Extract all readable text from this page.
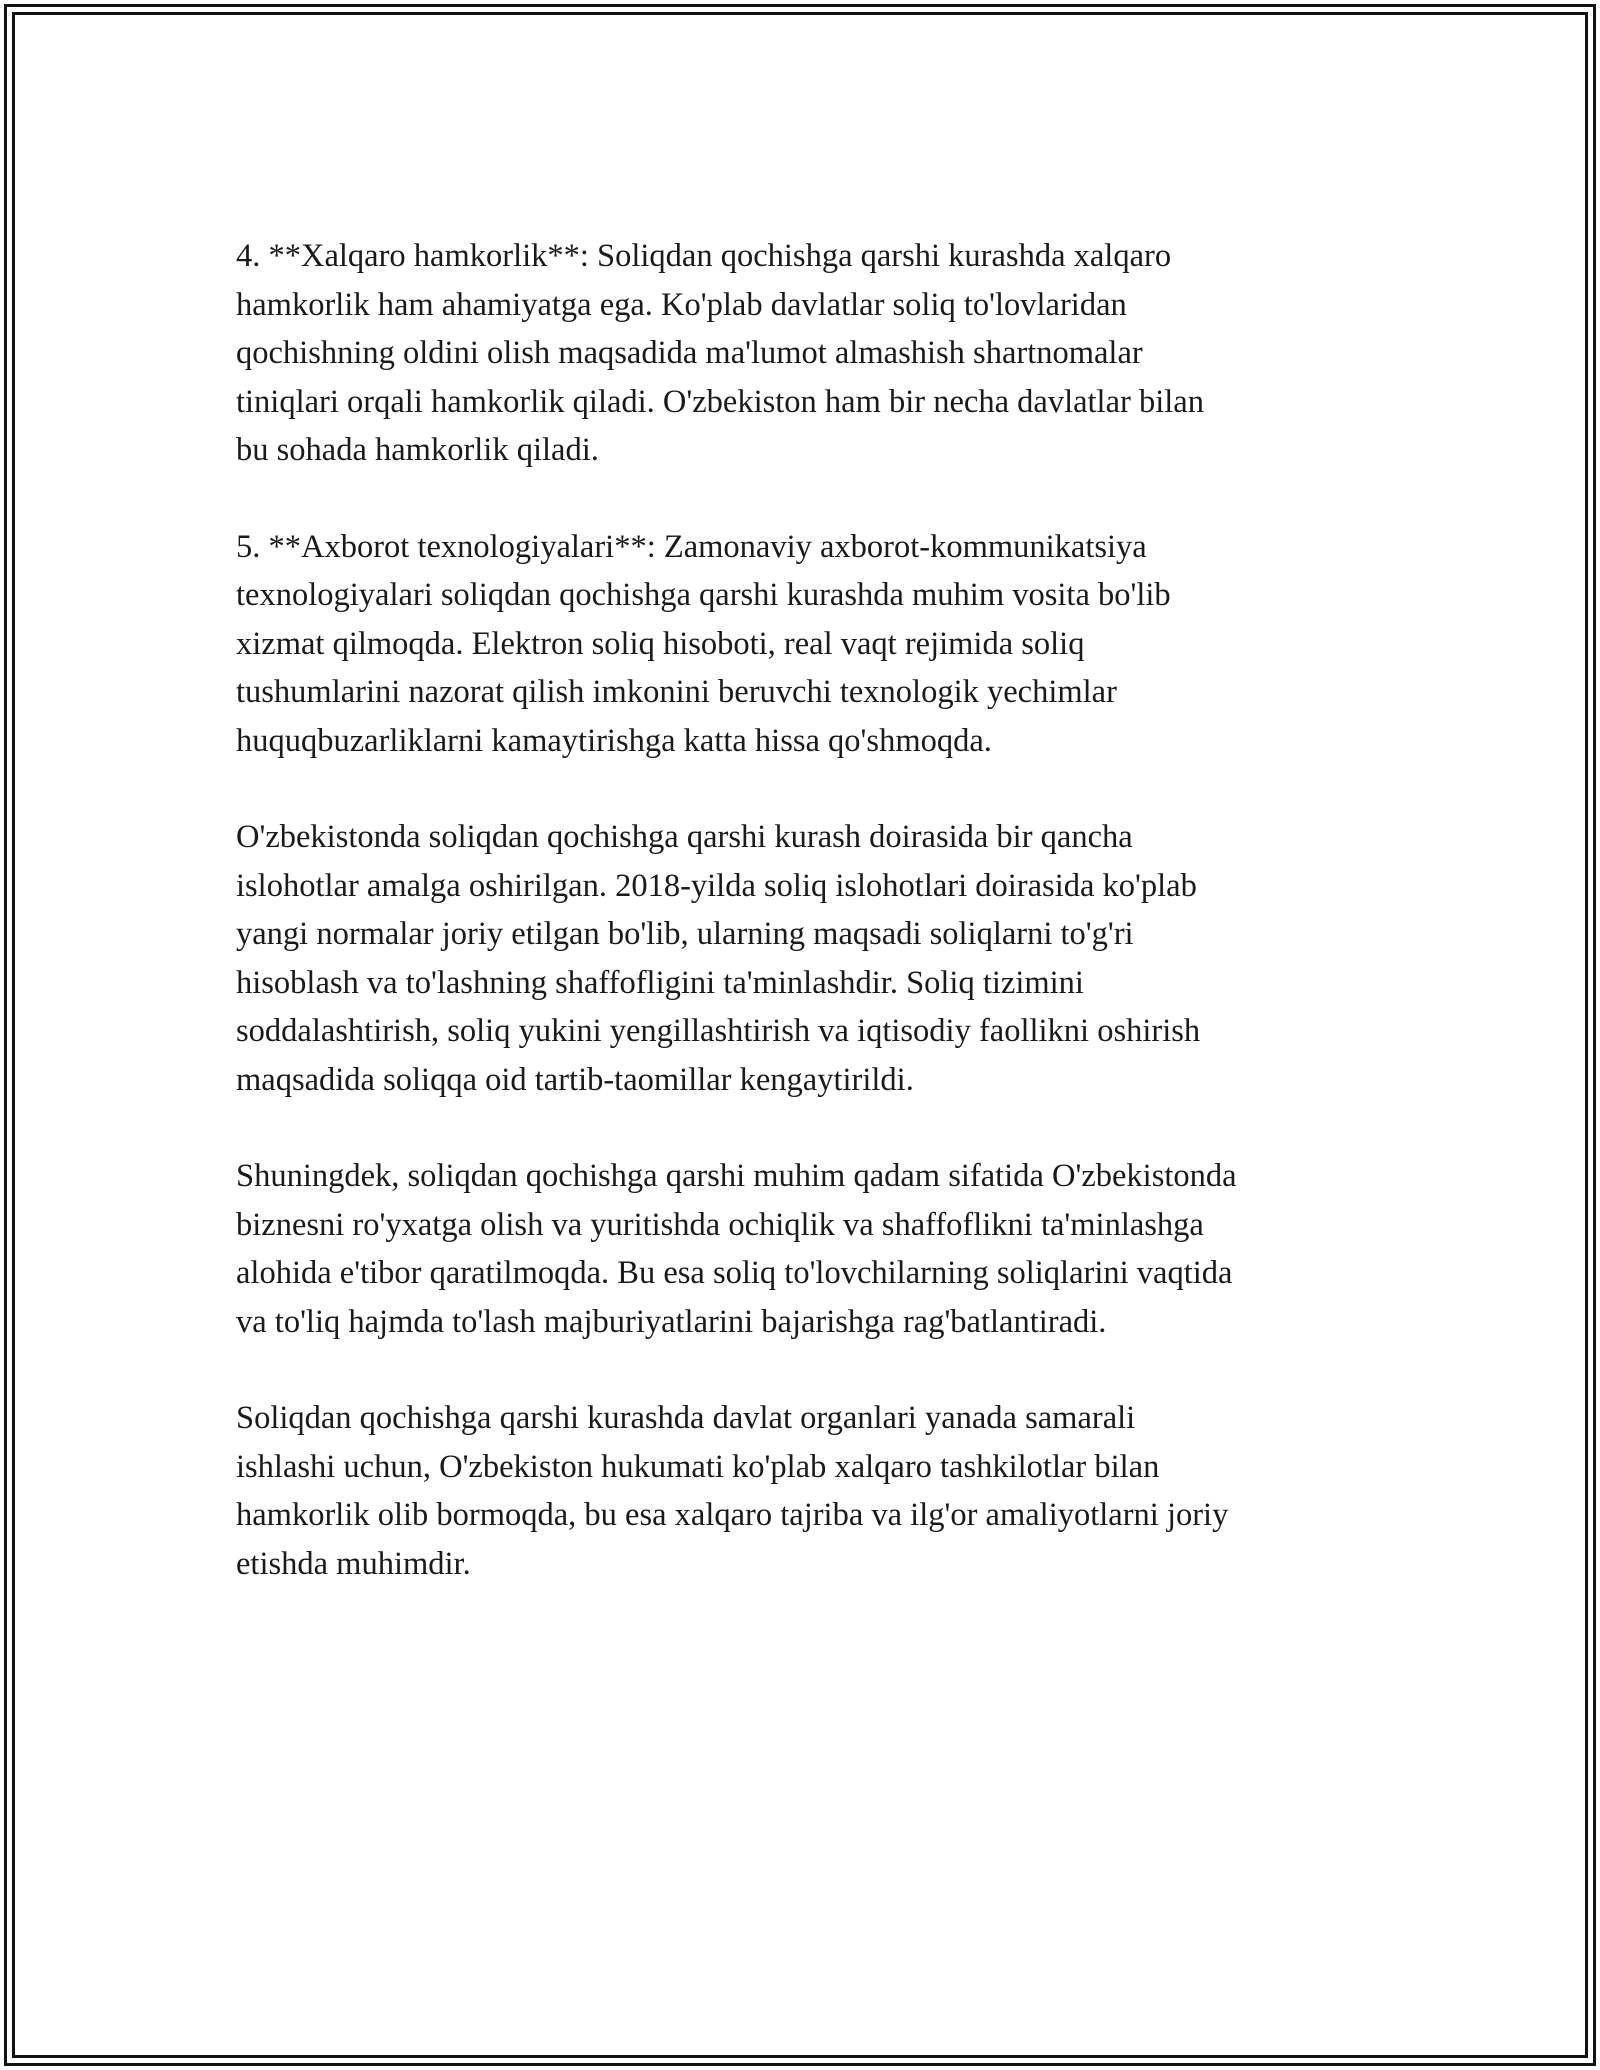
4. **Xalqaro hamkorlik**: Soliqdan qochishga qarshi kurashda xalqaro
hamkorlik ham ahamiyatga ega. Ko'plab davlatlar soliq to'lovlaridan
qochishning oldini olish maqsadida ma'lumot almashish shartnomalar
tiniqlari orqali hamkorlik qiladi. O'zbekiston ham bir necha davlatlar bilan
bu sohada hamkorlik qiladi.

5. **Axborot texnologiyalari**: Zamonaviy axborot-kommunikatsiya
texnologiyalari soliqdan qochishga qarshi kurashda muhim vosita bo'lib
xizmat qilmoqda. Elektron soliq hisoboti, real vaqt rejimida soliq
tushumlarini nazorat qilish imkonini beruvchi texnologik yechimlar
huquqbuzarliklarni kamaytirishga katta hissa qo'shmoqda.

O'zbekistonda soliqdan qochishga qarshi kurash doirasida bir qancha
islohotlar amalga oshirilgan. 2018-yilda soliq islohotlari doirasida ko'plab
yangi normalar joriy etilgan bo'lib, ularning maqsadi soliqlarni to'g'ri
hisoblash va to'lashning shaffofligini ta'minlashdir. Soliq tizimini
soddalashtirish, soliq yukini yengillashtirish va iqtisodiy faollikni oshirish
maqsadida soliqqa oid tartib-taomillar kengaytirildi.

Shuningdek, soliqdan qochishga qarshi muhim qadam sifatida O'zbekistonda
biznesni ro'yxatga olish va yuritishda ochiqlik va shaffoflikni ta'minlashga
alohida e'tibor qaratilmoqda. Bu esa soliq to'lovchilarning soliqlarini vaqtida
va to'liq hajmda to'lash majburiyatlarini bajarishga rag'batlantiradi.

Soliqdan qochishga qarshi kurashda davlat organlari yanada samarali
ishlashi uchun, O'zbekiston hukumati ko'plab xalqaro tashkilotlar bilan
hamkorlik olib bormoqda, bu esa xalqaro tajriba va ilg'or amaliyotlarni joriy
etishda muhimdir.
